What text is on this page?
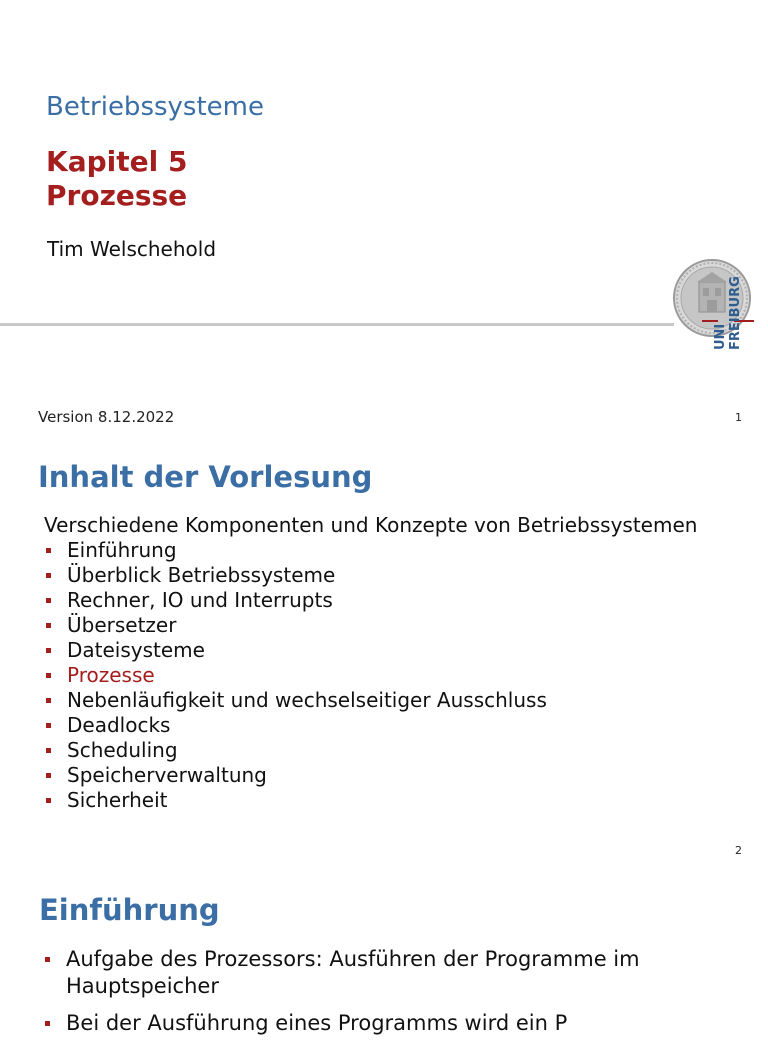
Betriebssysteme
Kapitel 5
Prozesse
Tim Welschehold
UNI FREIBURG
Version 8.12.2022	1
Inhalt der Vorlesung
Verschiedene Komponenten und Konzepte von Betriebssystemen
Einführung
Überblick Betriebssysteme
Rechner, IO und Interrupts
Übersetzer
Dateisysteme
Prozesse
Nebenläufigkeit und wechselseitiger Ausschluss
Deadlocks
Scheduling
Speicherverwaltung
Sicherheit
2
Einführung
Aufgabe des Prozessors: Ausführen der Programme im Hauptspeicher
Bei der Ausführung eines Programms wird ein P
